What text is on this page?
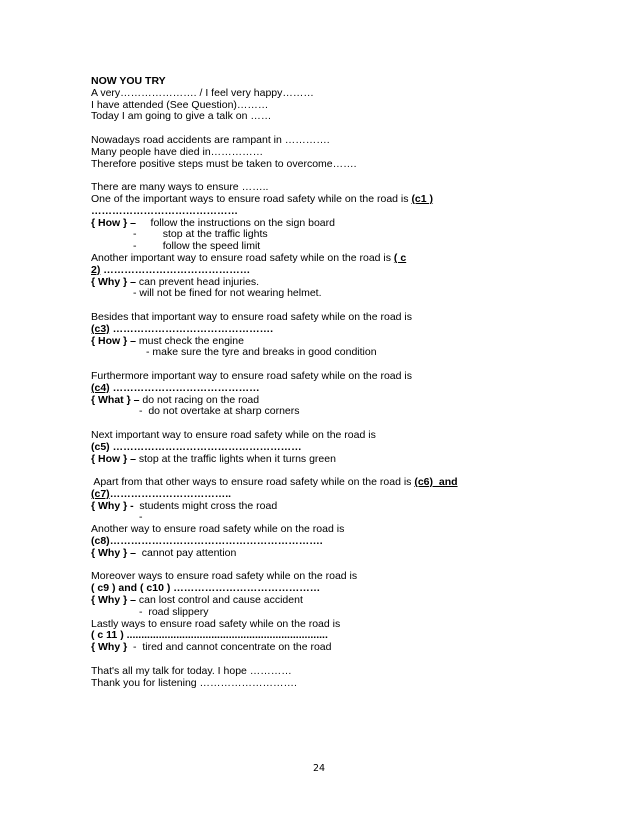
NOW YOU TRY
A very…………………. / I feel very happy………
I have attended (See Question)………
Today I am going to give a talk on ……
Nowadays road accidents are rampant in ………….
Many people have died in……………
Therefore positive steps must be taken to overcome…….
There are many ways to ensure ……..
One of the important ways to ensure road safety while on the road is (c1 )
……………………………………
{ How } –     follow the instructions on the sign board
-         stop at the traffic lights
-         follow the speed limit
Another important way to ensure road safety while on the road is ( c
2) ……………………………………
{ Why } – can prevent head injuries.
- will not be fined for not wearing helmet.
Besides that important way to ensure road safety while on the road is
(c3) ……………………………………….
{ How } – must check the engine
- make sure the tyre and breaks in good condition
Furthermore important way to ensure road safety while on the road is
(c4) ……………………………………
{ What } – do not racing on the road
-  do not overtake at sharp corners
Next important way to ensure road safety while on the road is
(c5) ………………………………………………
{ How } – stop at the traffic lights when it turns green
Apart from that other ways to ensure road safety while on the road is (c6)  and
(c7)……………………………..
{ Why } -  students might cross the road
-
Another way to ensure road safety while on the road is
(c8)…………………………………………………….
{ Why } –  cannot pay attention
Moreover ways to ensure road safety while on the road is
( c9 ) and ( c10 ) ……………………………………
{ Why } – can lost control and cause accident
-  road slippery
Lastly ways to ensure road safety while on the road is
( c 11 ) .....................................................................
{ Why }  -  tired and cannot concentrate on the road
That's all my talk for today. I hope …………
Thank you for listening ……………………….
24
